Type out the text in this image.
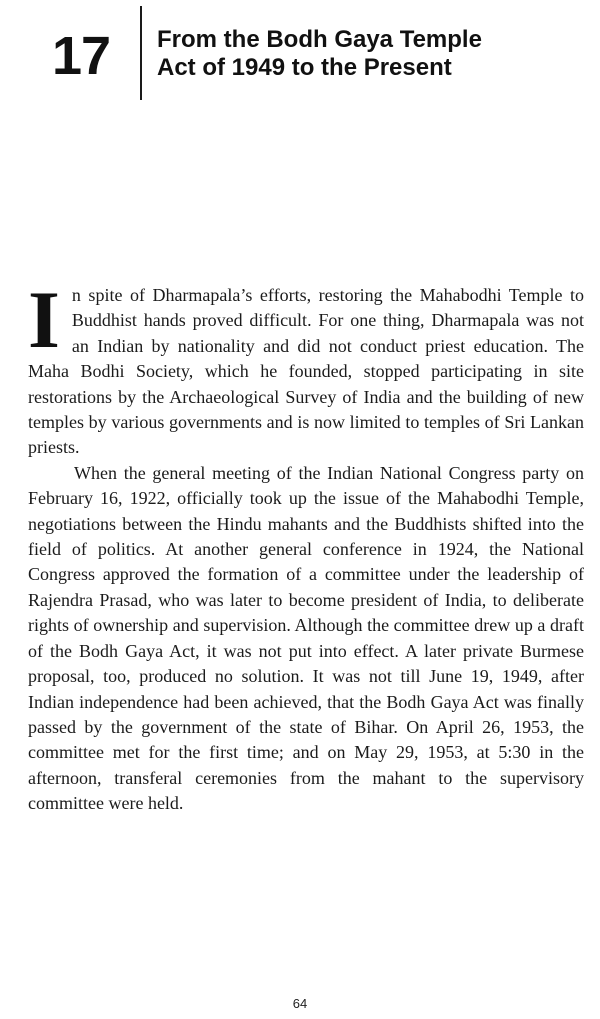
17	From the Bodh Gaya Temple
Act of 1949 to the Present

In spite of Dharmapala’s efforts, restoring the Mahabodhi Temple to Buddhist hands proved difficult. For one thing, Dharmapala was not an Indian by nationality and did not conduct priest education. The Maha Bodhi Society, which he founded, stopped participating in site restorations by the Archaeological Survey of India and the building of new temples by various governments and is now limited to temples of Sri Lankan priests.

When the general meeting of the Indian National Congress party on February 16, 1922, officially took up the issue of the Mahabodhi Temple, negotiations between the Hindu mahants and the Buddhists shifted into the field of politics. At another general conference in 1924, the National Congress approved the formation of a committee under the leadership of Rajendra Prasad, who was later to become president of India, to deliberate rights of ownership and supervision. Although the committee drew up a draft of the Bodh Gaya Act, it was not put into effect. A later private Burmese proposal, too, produced no solution. It was not till June 19, 1949, after Indian independence had been achieved, that the Bodh Gaya Act was finally passed by the government of the state of Bihar. On April 26, 1953, the committee met for the first time; and on May 29, 1953, at 5:30 in the afternoon, transferal ceremonies from the mahant to the supervisory committee were held.

64
